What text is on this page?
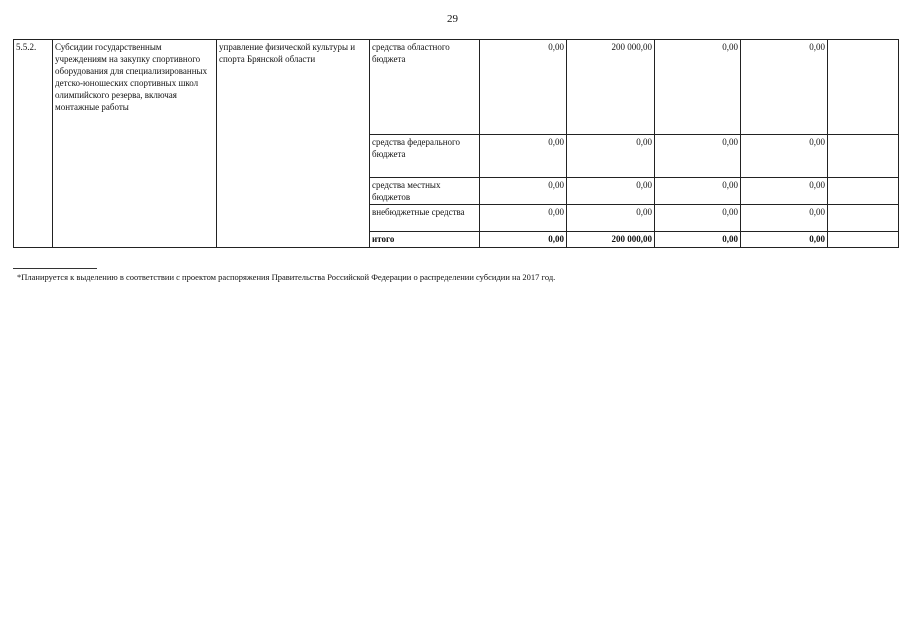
29
5.5.2.	Субсидии государственным учреждениям на закупку спортивного оборудования для специализированных детско-юношеских спортивных школ олимпийского резерва, включая монтажные работы	управление физической культуры и спорта Брянской области	средства областного бюджета	0,00	200 000,00	0,00	0,00	
			средства федерального бюджета	0,00	0,00	0,00	0,00	
			средства местных бюджетов	0,00	0,00	0,00	0,00	
			внебюджетные средства	0,00	0,00	0,00	0,00	
			итого	0,00	200 000,00	0,00	0,00	
*Планируется к выделению в соответствии с проектом распоряжения Правительства Российской Федерации о распределении субсидии на 2017 год.
